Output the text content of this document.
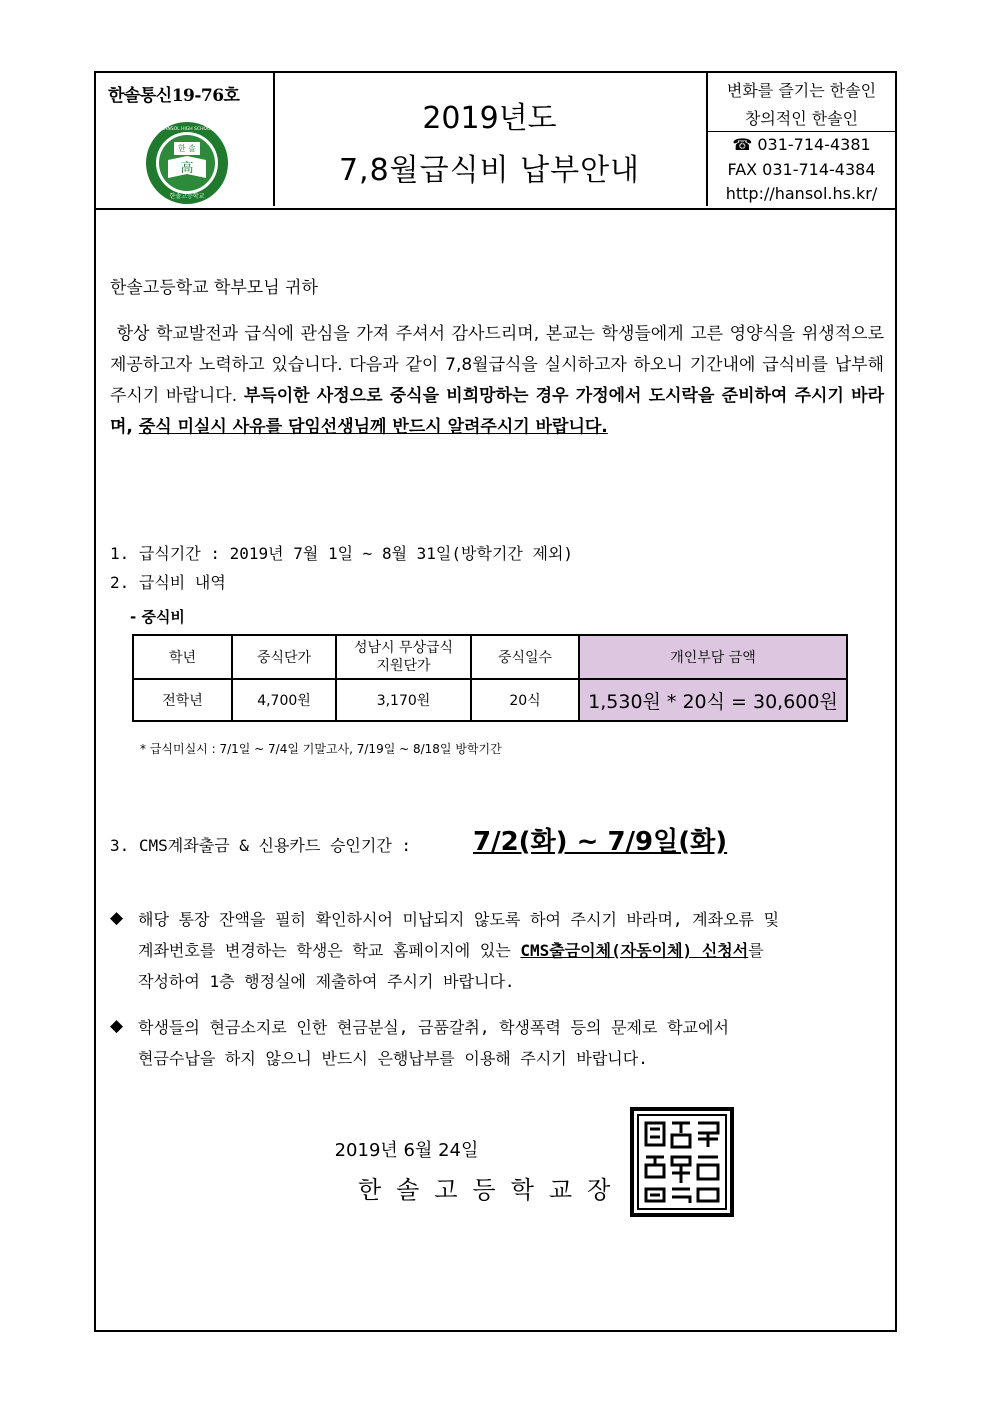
한솔통신19-76호
한 솔
高
한솔고등학교
HANSOL HIGH SCHOOL	2019년도
7,8월급식비 납부안내
변화를 즐기는 한솔인
창의적인 한솔인
☎ 031-714-4381
FAX 031-714-4384
http://hansol.hs.kr/
한솔고등학교 학부모님 귀하
항상 학교발전과 급식에 관심을 가져 주셔서 감사드리며, 본교는 학생들에게 고른 영양식을 위생적으로 제공하고자 노력하고 있습니다. 다음과 같이 7,8월급식을 실시하고자 하오니 기간내에 급식비를 납부해 주시기 바랍니다. 부득이한 사정으로 중식을 비희망하는 경우 가정에서 도시락을 준비하여 주시기 바라며, 중식 미실시 사유를 담임선생님께 반드시 알려주시기 바랍니다.
1. 급식기간 : 2019년 7월 1일 ~ 8월 31일(방학기간 제외)
2. 급식비 내역
- 중식비
학년	중식단가	성남시 무상급식
지원단가	중식일수	개인부담 금액
전학년	4,700원	3,170원	20식	1,530원 * 20식 = 30,600원
* 급식미실시 : 7/1일 ~ 7/4일 기말고사, 7/19일 ~ 8/18일 방학기간
3. CMS계좌출금 & 신용카드 승인기간 : 7/2(화) ~ 7/9일(화)
◆ 해당 통장 잔액을 필히 확인하시어 미납되지 않도록 하여 주시기 바라며, 계좌오류 및
계좌번호를 변경하는 학생은 학교 홈페이지에 있는 CMS출금이체(자동이체) 신청서를
작성하여 1층 행정실에 제출하여 주시기 바랍니다.
◆ 학생들의 현금소지로 인한 현금분실, 금품갈취, 학생폭력 등의 문제로 학교에서
현금수납을 하지 않으니 반드시 은행납부를 이용해 주시기 바랍니다.
2019년 6월 24일
한솔고등학교장
